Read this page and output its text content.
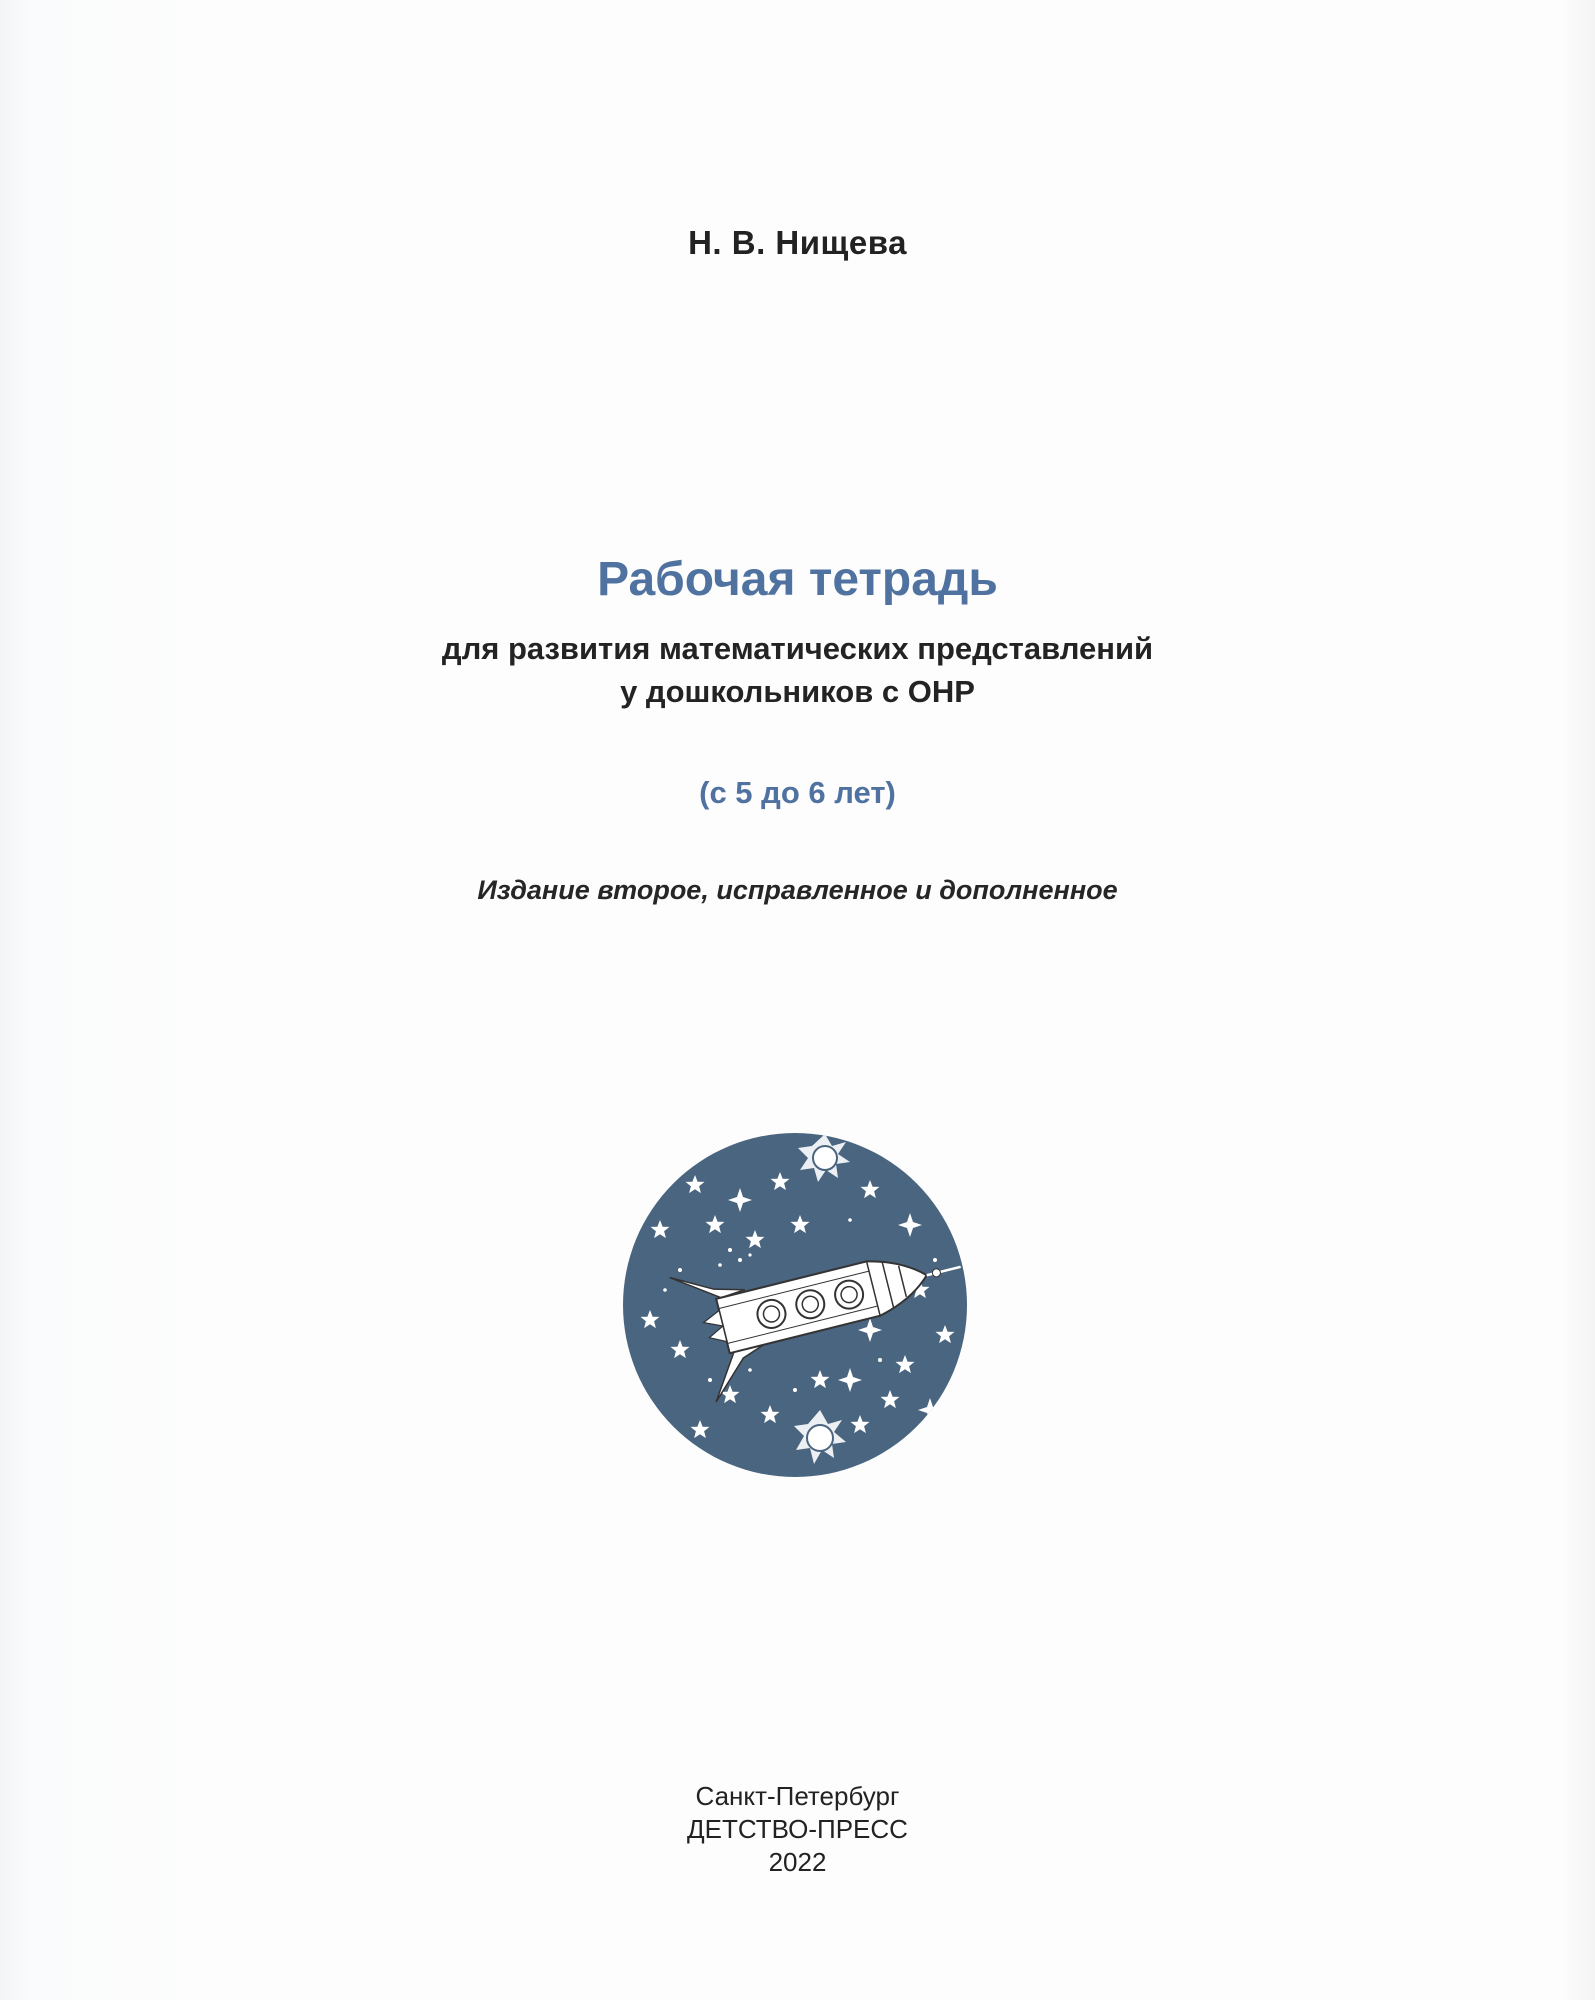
Н. В. Нищева
Рабочая тетрадь
для развития математических представлений
у дошкольников с ОНР
(с 5 до 6 лет)
Издание второе, исправленное и дополненное
Санкт-Петербург
ДЕТСТВО-ПРЕСС
2022
